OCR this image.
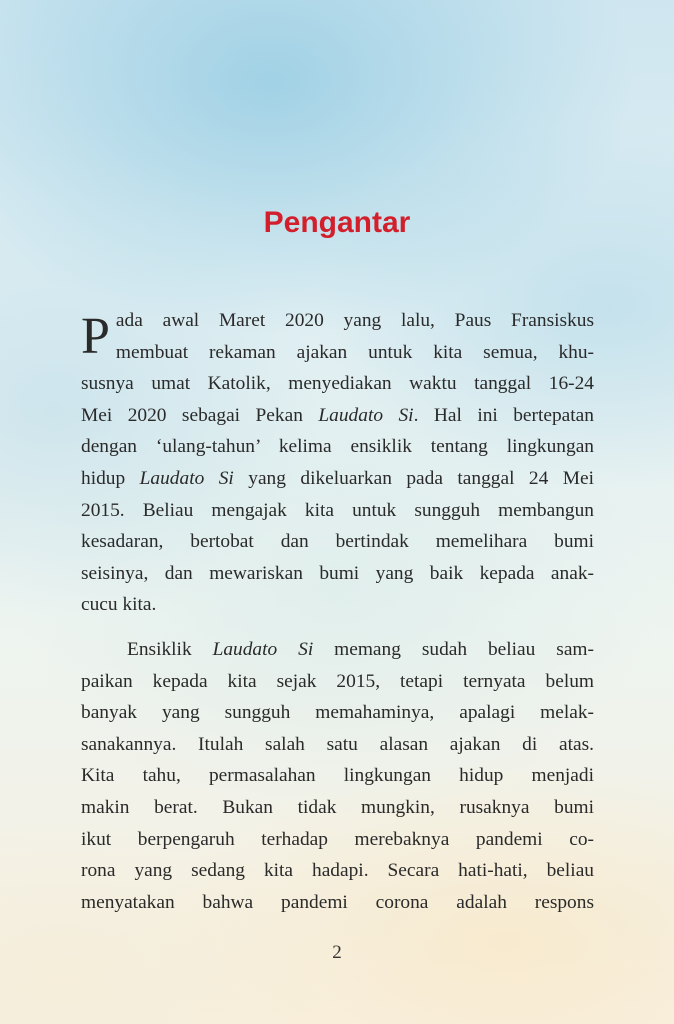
Pengantar
P ada awal Maret 2020 yang lalu, Paus Fransiskus
membuat rekaman ajakan untuk kita semua, khu-
susnya umat Katolik, menyediakan waktu tanggal 16-24
Mei 2020 sebagai Pekan Laudato Si. Hal ini bertepatan
dengan ‘ulang-tahun’ kelima ensiklik tentang lingkungan
hidup Laudato Si yang dikeluarkan pada tanggal 24 Mei
2015. Beliau mengajak kita untuk sungguh membangun
kesadaran, bertobat dan bertindak memelihara bumi
seisinya, dan mewariskan bumi yang baik kepada anak-
cucu kita.
Ensiklik Laudato Si memang sudah beliau sam-
paikan kepada kita sejak 2015, tetapi ternyata belum
banyak yang sungguh memahaminya, apalagi melak-
sanakannya. Itulah salah satu alasan ajakan di atas.
Kita tahu, permasalahan lingkungan hidup menjadi
makin berat. Bukan tidak mungkin, rusaknya bumi
ikut berpengaruh terhadap merebaknya pandemi co-
rona yang sedang kita hadapi. Secara hati-hati, beliau
menyatakan bahwa pandemi corona adalah respons
2
